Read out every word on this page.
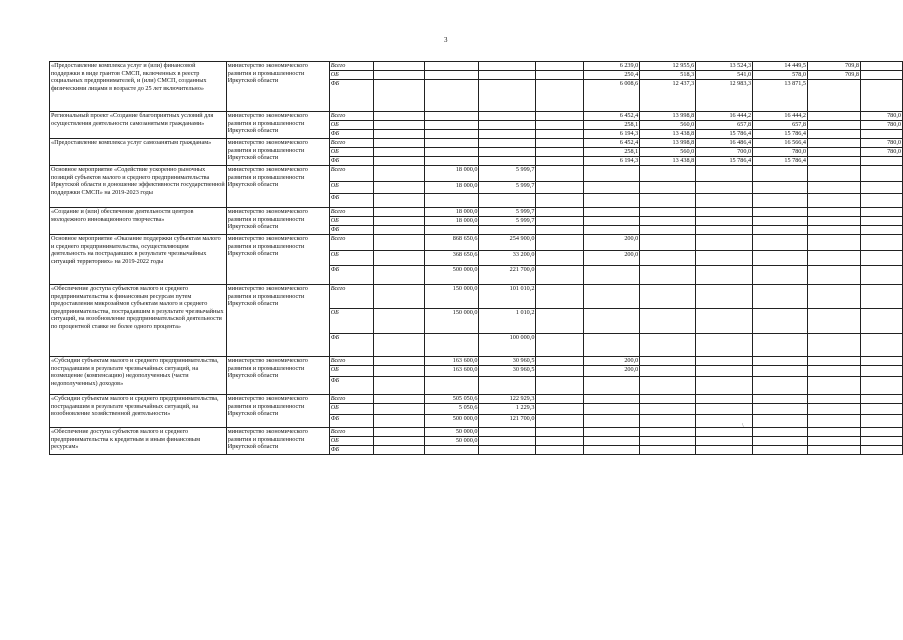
3
«Предоставление комплекса услуг и (или) финансовой поддержки в виде грантов СМСП, включенных в реестр социальных предпринимателей, и (или) СМСП, созданных физическими лицами в возрасте до 25 лет включительно»	министерство экономического развития и промышленности Иркутской области	Всего					6 239,0	12 955,6	13 524,3	14 449,5	709,8	
		ОБ					250,4	518,3	541,0	578,0	709,8	
		ФБ					6 008,6	12 437,3	12 983,3	13 871,5		
Региональный проект «Создание благоприятных условий для осуществления деятельности самозанятыми гражданами»	министерство экономического развития и промышленности Иркутской области	Всего					6 452,4	13 998,8	16 444,2	16 444,2		780,0
		ОБ					258,1	560,0	657,8	657,8		780,0
		ФБ					6 194,3	13 438,8	15 786,4	15 786,4		
«Предоставление комплекса услуг самозанятым гражданам»	министерство экономического развития и промышленности Иркутской области	Всего					6 452,4	13 998,8	16 486,4	16 566,4		780,0
		ОБ					258,1	560,0	700,0	780,0		780,0
		ФБ					6 194,3	13 438,8	15 786,4	15 786,4		
Основное мероприятие «Содействие ускоренно рыночных позиций субъектов малого и среднего предпринимательства Иркутской области в доношение эффективности государственной поддержки СМСП» на 2019-2023 годы	министерство экономического развития и промышленности Иркутской области	Всего		18 000,0	5 999,7							
		ОБ		18 000,0	5 999,7							
		ФБ										
«Создание и (или) обеспечение деятельности центров молодежного инновационного творчества»	министерство экономического развития и промышленности Иркутской области	Всего		18 000,0	5 999,7							
		ОБ		18 000,0	5 999,7							
		ФБ										
Основное мероприятие «Оказание поддержки субъектам малого и среднего предпринимательства, осуществляющим деятельность на пострадавших в результате чрезвычайных ситуаций территориях» на 2019-2022 годы	министерство экономического развития и промышленности Иркутской области	Всего		868 650,6	254 900,0		200,0					
		ОБ		368 650,6	33 200,0		200,0					
		ФБ		500 000,0	221 700,0							
«Обеспечение доступа субъектов малого и среднего предпринимательства к финансовым ресурсам путем предоставления микрозаймов субъектам малого и среднего предпринимательства, пострадавшим в результате чрезвычайных ситуаций, на возобновление предпринимательской деятельности по процентной ставке не более одного процента»	министерство экономического развития и промышленности Иркутской области	Всего		150 000,0	101 010,2							
		ОБ		150 000,0	1 010,2							
		ФБ			100 000,0							
«Субсидии субъектам малого и среднего предпринимательства, пострадавшим в результате чрезвычайных ситуаций, на возмещение (компенсацию) недополученных (части недополученных) доходов»	министерство экономического развития и промышленности Иркутской области	Всего		163 600,0	30 960,5		200,0					
		ОБ		163 600,0	30 960,5		200,0					
		ФБ										
«Субсидии субъектам малого и среднего предпринимательства, пострадавшим в результате чрезвычайных ситуаций, на возобновление хозяйственной деятельности»	министерство экономического развития и промышленности Иркутской области	Всего		505 050,6	122 929,3							
		ОБ		5 050,6	1 229,3							
		ФБ		500 000,0	121 700,0							
«Обеспечение доступа субъектов малого и среднего предпринимательства к кредитным и иным финансовым ресурсам»	министерство экономического развития и промышленности Иркутской области	Всего		50 000,0								
		ОБ		50 000,0								
		ФБ										
\
